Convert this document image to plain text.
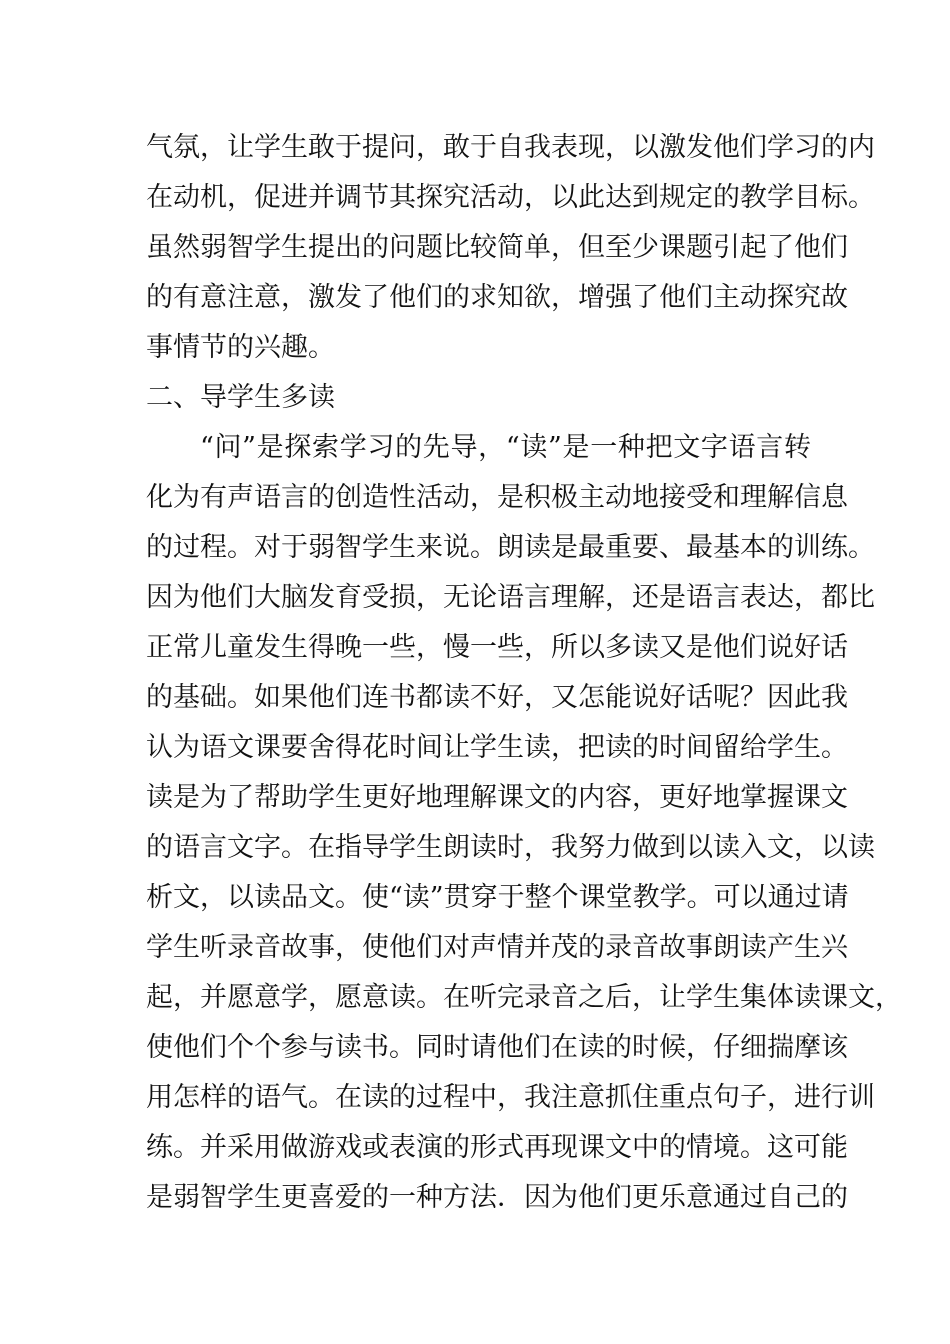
气氛，让学生敢于提问，敢于自我表现，以激发他们学习的内
在动机，促进并调节其探究活动，以此达到规定的教学目标。
虽然弱智学生提出的问题比较简单，但至少课题引起了他们
的有意注意，激发了他们的求知欲，增强了他们主动探究故
事情节的兴趣。
二、导学生多读
“问”是探索学习的先导，“读”是一种把文字语言转
化为有声语言的创造性活动，是积极主动地接受和理解信息
的过程。对于弱智学生来说。朗读是最重要、最基本的训练。
因为他们大脑发育受损，无论语言理解，还是语言表达，都比
正常儿童发生得晚一些，慢一些，所以多读又是他们说好话
的基础。如果他们连书都读不好，又怎能说好话呢？因此我
认为语文课要舍得花时间让学生读，把读的时间留给学生。
读是为了帮助学生更好地理解课文的内容，更好地掌握课文
的语言文字。在指导学生朗读时，我努力做到以读入文，以读
析文，以读品文。使“读”贯穿于整个课堂教学。可以通过请
学生听录音故事，使他们对声情并茂的录音故事朗读产生兴
起，并愿意学，愿意读。在听完录音之后，让学生集体读课文，
使他们个个参与读书。同时请他们在读的时候，仔细揣摩该
用怎样的语气。在读的过程中，我注意抓住重点句子，进行训
练。并采用做游戏或表演的形式再现课文中的情境。这可能
是弱智学生更喜爱的一种方法．因为他们更乐意通过自己的
